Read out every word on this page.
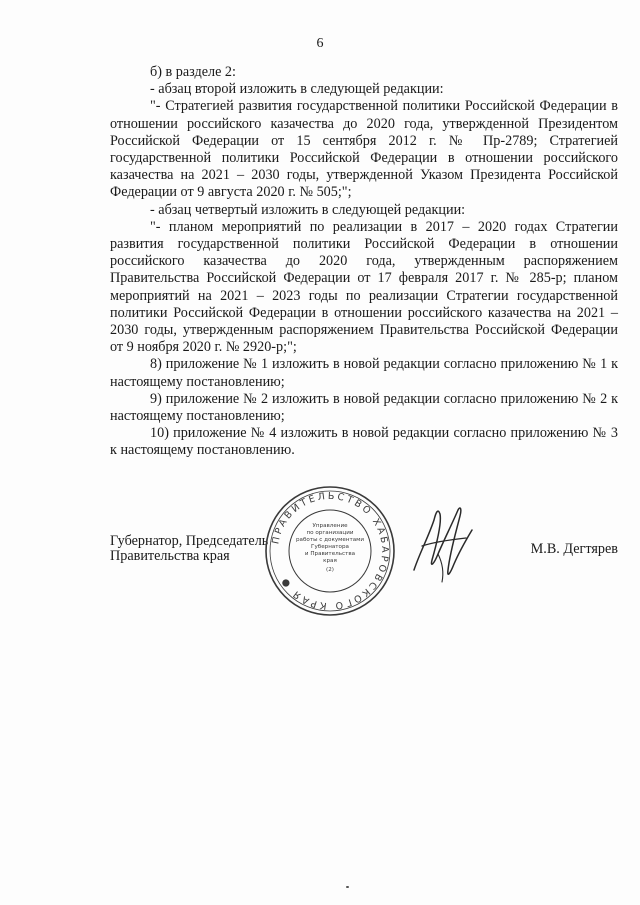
6

б) в разделе 2:

- абзац второй изложить в следующей редакции:

"- Стратегией развития государственной политики Российской Федерации в отношении российского казачества до 2020 года, утвержденной Президентом Российской Федерации от 15 сентября 2012 г. № Пр-2789; Стратегией государственной политики Российской Федерации в отношении российского казачества на 2021 – 2030 годы, утвержденной Указом Президента Российской Федерации от 9 августа 2020 г. № 505;";

- абзац четвертый изложить в следующей редакции:

"- планом мероприятий по реализации в 2017 – 2020 годах Стратегии развития государственной политики Российской Федерации в отношении российского казачества до 2020 года, утвержденным распоряжением Правительства Российской Федерации от 17 февраля 2017 г. № 285-р; планом мероприятий на 2021 – 2023 годы по реализации Стратегии государственной политики Российской Федерации в отношении российского казачества на 2021 – 2030 годы, утвержденным распоряжением Правительства Российской Федерации от 9 ноября 2020 г. № 2920-р;";

8) приложение № 1 изложить в новой редакции согласно приложению № 1 к настоящему постановлению;

9) приложение № 2 изложить в новой редакции согласно приложению № 2 к настоящему постановлению;

10) приложение № 4 изложить в новой редакции согласно приложению № 3 к настоящему постановлению.

Губернатор, Председатель
Правительства края	М.В. Дегтярев
ПРАВИТЕЛЬСТВО ХАБАРОВСКОГО КРАЯ ●
Управление
по организации
работы с документами
Губернатора
и Правительства
края
(2)
